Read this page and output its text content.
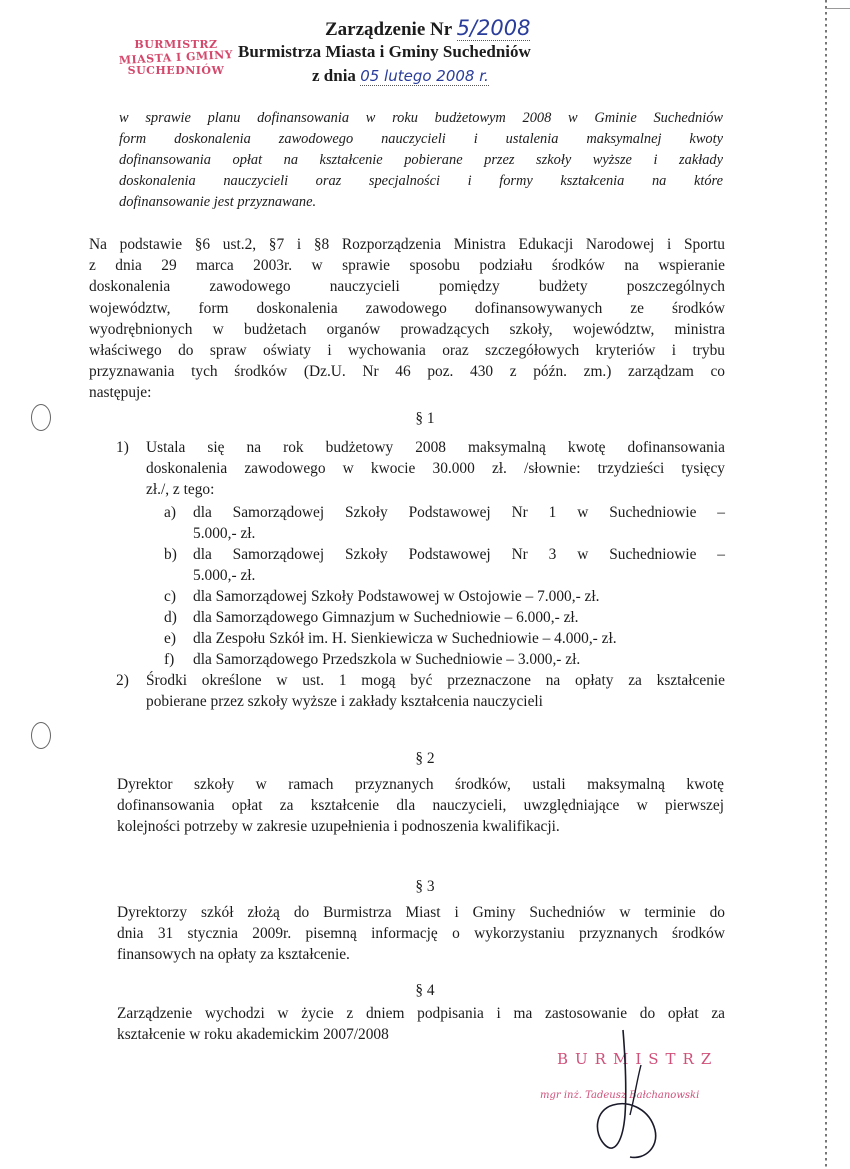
BURMISTRZ

MIASTA I GMINY
SUCHEDNIÓW
Zarządzenie Nr 5/2008
Burmistrza Miasta i Gminy Suchedniów
z dnia 05 lutego 2008 r.
w sprawie planu dofinansowania w roku budżetowym 2008 w Gminie Suchedniów
form doskonalenia zawodowego nauczycieli i ustalenia maksymalnej kwoty
dofinansowania opłat na kształcenie pobierane przez szkoły wyższe i zakłady
doskonalenia nauczycieli oraz specjalności i formy kształcenia na które
dofinansowanie jest przyznawane.
Na podstawie §6 ust.2, §7 i §8 Rozporządzenia Ministra Edukacji Narodowej i Sportu
z dnia 29 marca 2003r. w sprawie sposobu podziału środków na wspieranie
doskonalenia zawodowego nauczycieli pomiędzy budżety poszczególnych
województw, form doskonalenia zawodowego dofinansowywanych ze środków
wyodrębnionych w budżetach organów prowadzących szkoły, województw, ministra
właściwego do spraw oświaty i wychowania oraz szczegółowych kryteriów i trybu
przyznawania tych środków (Dz.U. Nr 46 poz. 430 z późn. zm.) zarządzam co
następuje:
§ 1
1) Ustala się na rok budżetowy 2008 maksymalną kwotę dofinansowania
doskonalenia zawodowego w kwocie 30.000 zł. /słownie: trzydzieści tysięcy
zł./, z tego:
a) dla Samorządowej Szkoły Podstawowej Nr 1 w Suchedniowie –
5.000,- zł.
b) dla Samorządowej Szkoły Podstawowej Nr 3 w Suchedniowie –
5.000,- zł.
c) dla Samorządowej Szkoły Podstawowej w Ostojowie – 7.000,- zł.
d) dla Samorządowego Gimnazjum w Suchedniowie – 6.000,- zł.
e) dla Zespołu Szkół im. H. Sienkiewicza w Suchedniowie – 4.000,- zł.
f) dla Samorządowego Przedszkola w Suchedniowie – 3.000,- zł.
2) Środki określone w ust. 1 mogą być przeznaczone na opłaty za kształcenie
pobierane przez szkoły wyższe i zakłady kształcenia nauczycieli
§ 2
Dyrektor szkoły w ramach przyznanych środków, ustali maksymalną kwotę
dofinansowania opłat za kształcenie dla nauczycieli, uwzględniające w pierwszej
kolejności potrzeby w zakresie uzupełnienia i podnoszenia kwalifikacji.
§ 3
Dyrektorzy szkół złożą do Burmistrza Miast i Gminy Suchedniów w terminie do
dnia 31 stycznia 2009r. pisemną informację o wykorzystaniu przyznanych środków
finansowych na opłaty za kształcenie.
§ 4
Zarządzenie wychodzi w życie z dniem podpisania i ma zastosowanie do opłat za
kształcenie w roku akademickim 2007/2008
BURMISTRZ
mgr inż. Tadeusz Bałchanowski
